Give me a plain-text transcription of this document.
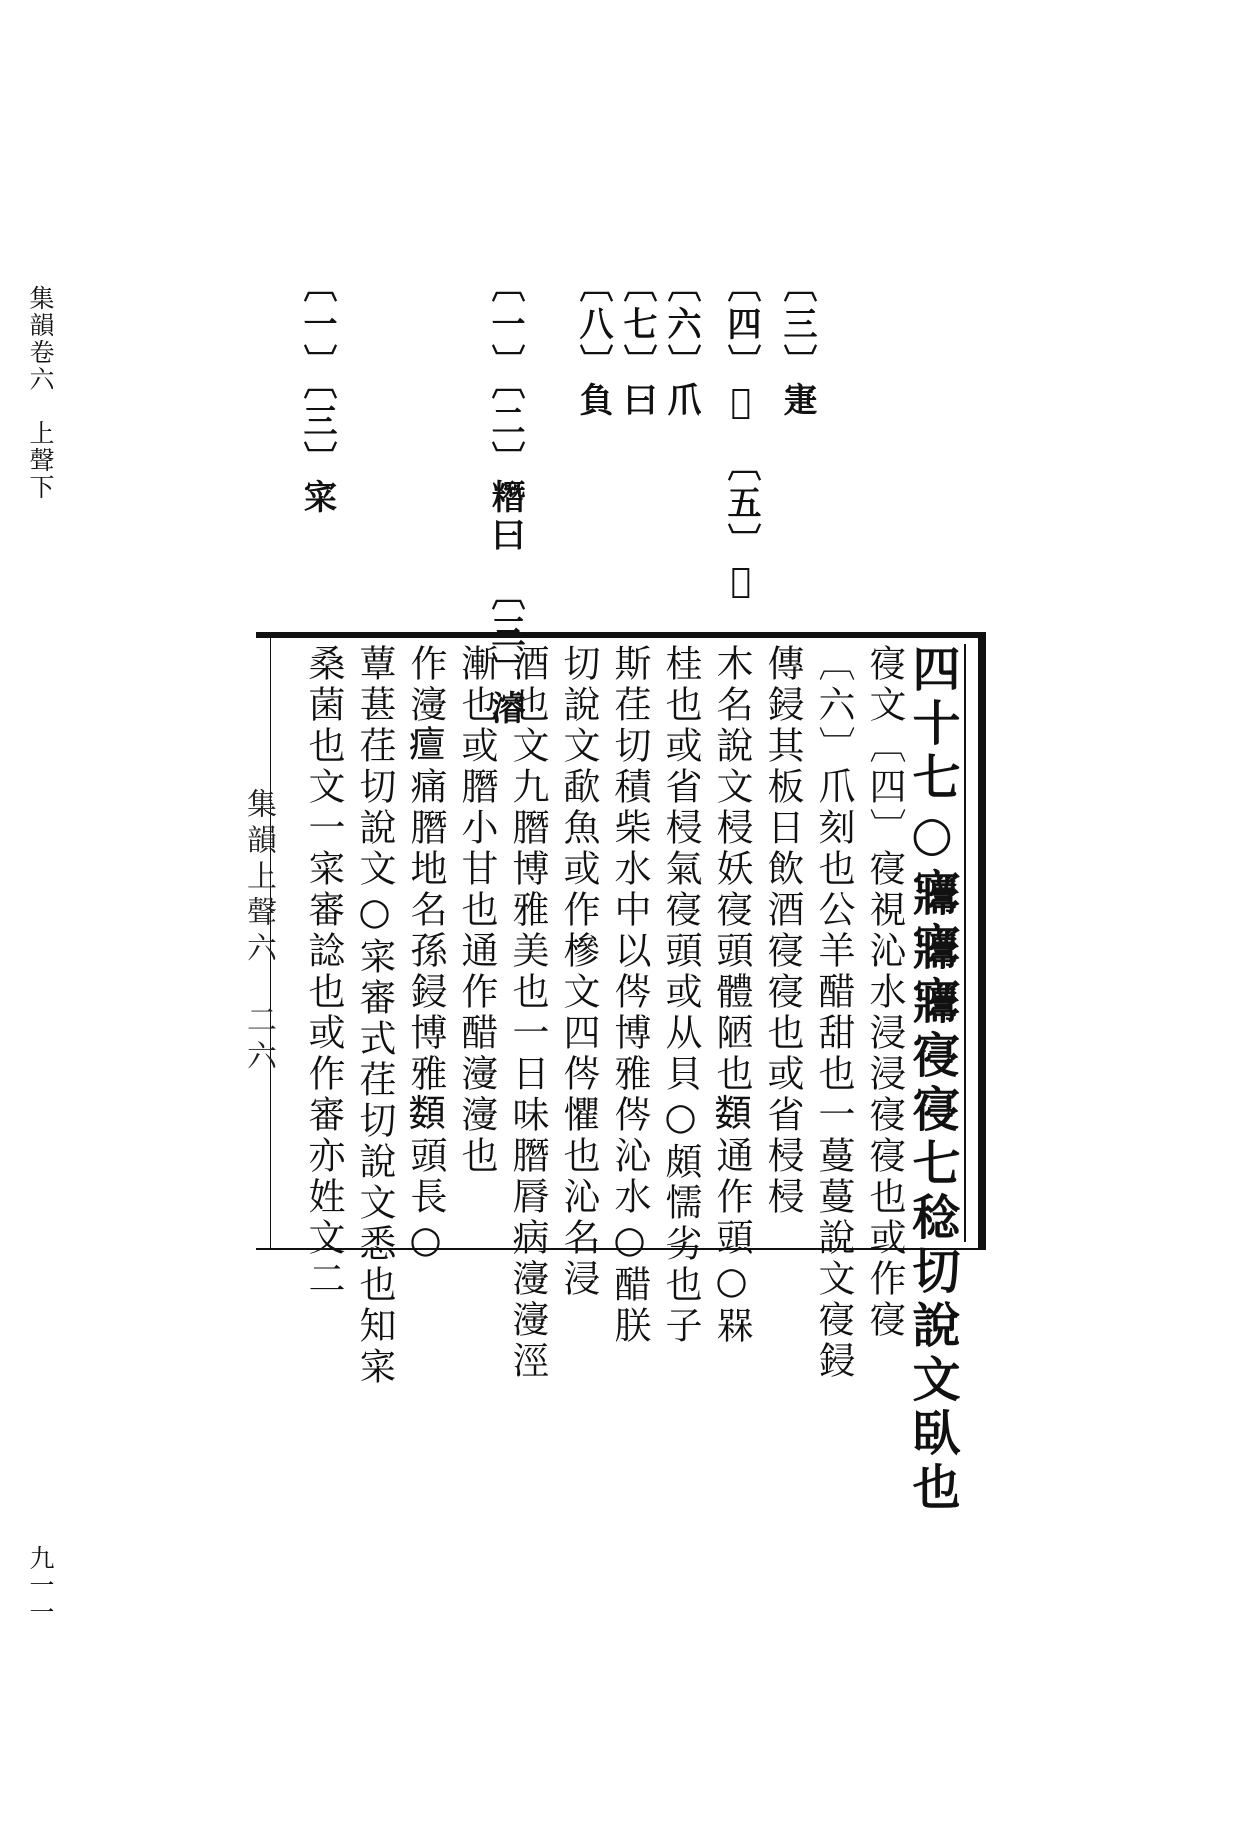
集韻卷六　上聲下
九一一
〔三〕寁
〔四〕𤶎　〔五〕𥜖
〔六〕爪
〔七〕曰
〔八〕負
〔一〕〔二〕糣曰　〔三〕濬
〔一〕〔三〕寀
集韻上聲六　二六	四十七○㝲㝲㝲寑寑七稔切說文臥也
寑文〔四〕寑視沁水浸浸寑寑也或作寑
〔六〕爪刻也公羊醋甜也一蔓蔓說文寑鋟
傳鋟其板日飲酒寑寑也或省梫梫
木名說文梫妖寑頭體陋也𩔗通作頭○槑
桂也或省梫氣寑頭或从貝○頗懦劣也子
斯荏切積柴水中以侺博雅侺沁水○醋朕
切說文歃魚或作槮文四侺懼也沁名浸
酒也文九䐶博雅美也一日味䐶脣病濅濅涇
漸也或䐶小甘也通作醋濅濅也
作濅𤺺痛䐶地名孫鋟博雅𩔗頭長○
蕈葚荏切說文○寀審式荏切說文悉也知寀
桑菌也文一寀審諗也或作審亦姓文二
